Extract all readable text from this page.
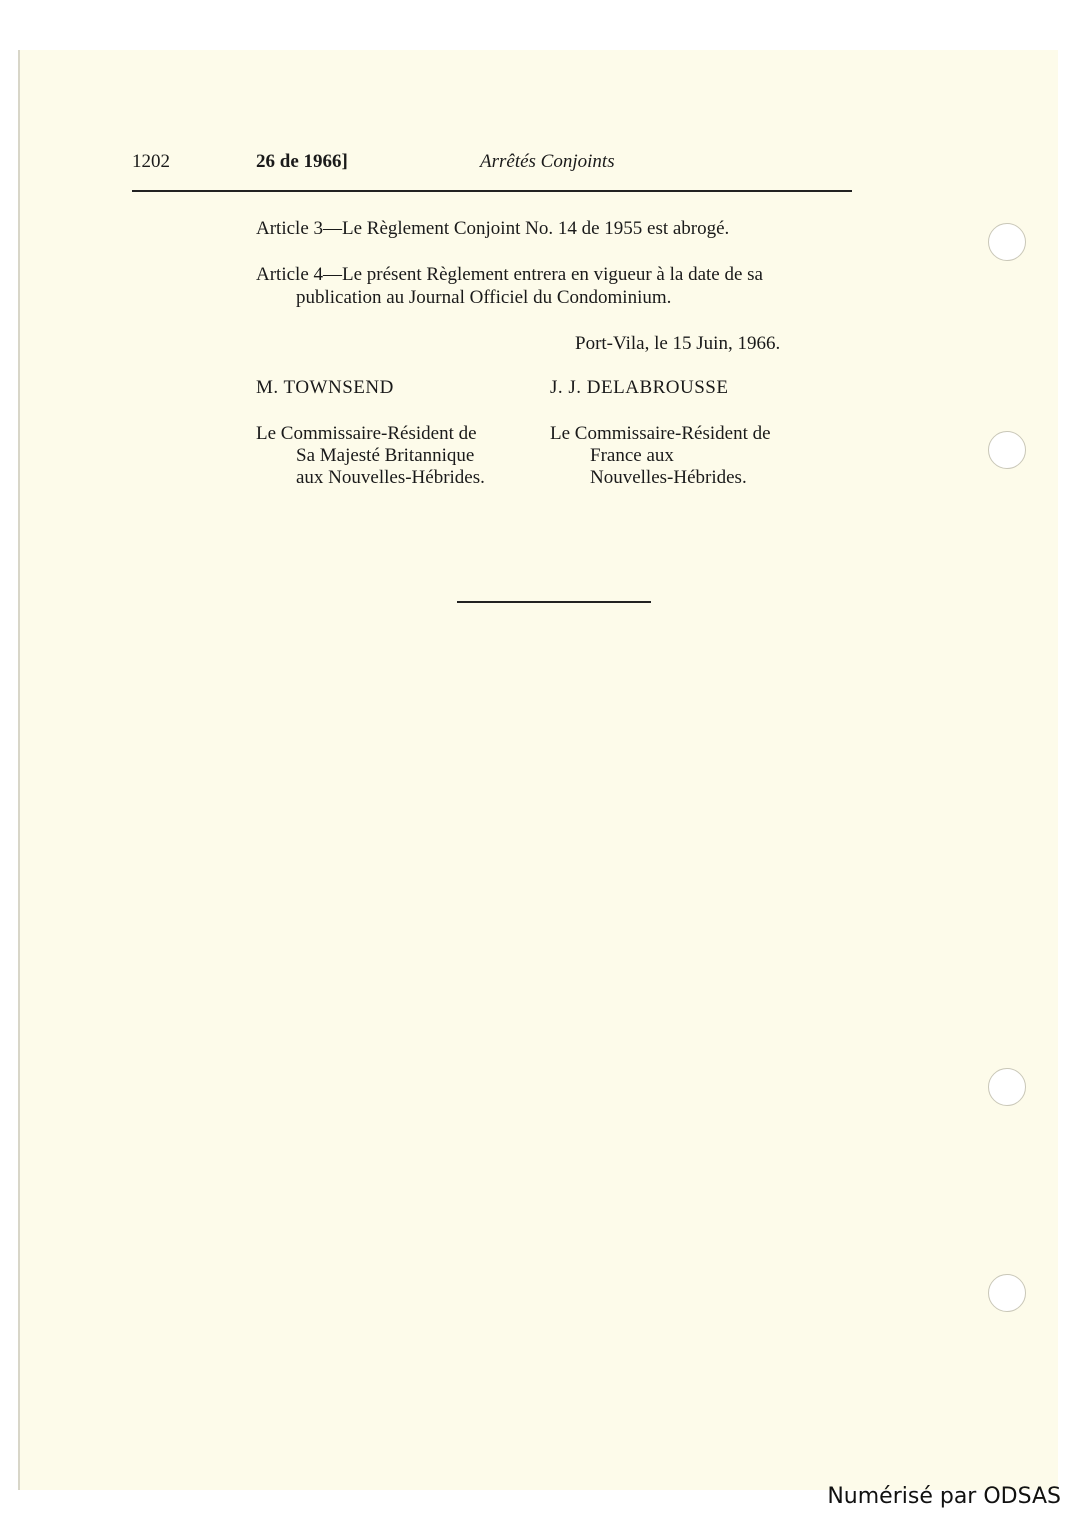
1202	26 de 1966]	Arrêtés Conjoints
Article 3—Le Règlement Conjoint No. 14 de 1955 est abrogé.
Article 4—Le présent Règlement entrera en vigueur à la date de sa
publication au Journal Officiel du Condominium.
Port-Vila, le 15 Juin, 1966.
M. TOWNSEND	J. J. DELABROUSSE
Le Commissaire-Résident de
Sa Majesté Britannique
aux Nouvelles-Hébrides.
Le Commissaire-Résident de
France aux
Nouvelles-Hébrides.
Numérisé par ODSAS
